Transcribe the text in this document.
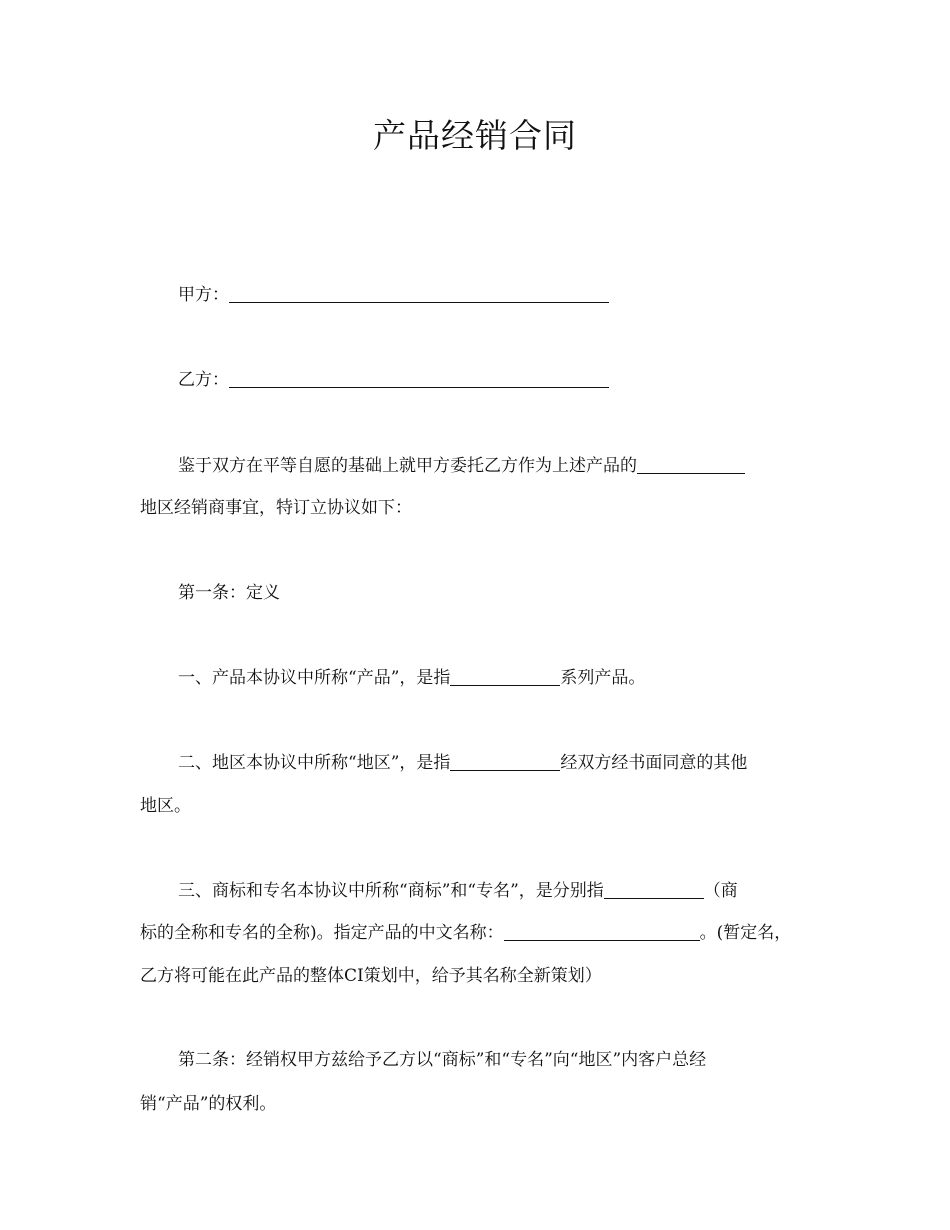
产品经销合同
甲方：
乙方：
鉴于双方在平等自愿的基础上就甲方委托乙方作为上述产品的
地区经销商事宜，特订立协议如下：
第一条：定义
一、产品本协议中所称“产品”，是指	系列产品。
二、地区本协议中所称“地区”，是指	经双方经书面同意的其他
地区。
三、商标和专名本协议中所称“商标”和“专名”，是分别指	（商
标的全称和专名的全称)。指定产品的中文名称：	。(暂定名，
乙方将可能在此产品的整体CI策划中，给予其名称全新策划）
第二条：经销权甲方兹给予乙方以“商标”和“专名”向“地区”内客户总经
销“产品”的权利。
